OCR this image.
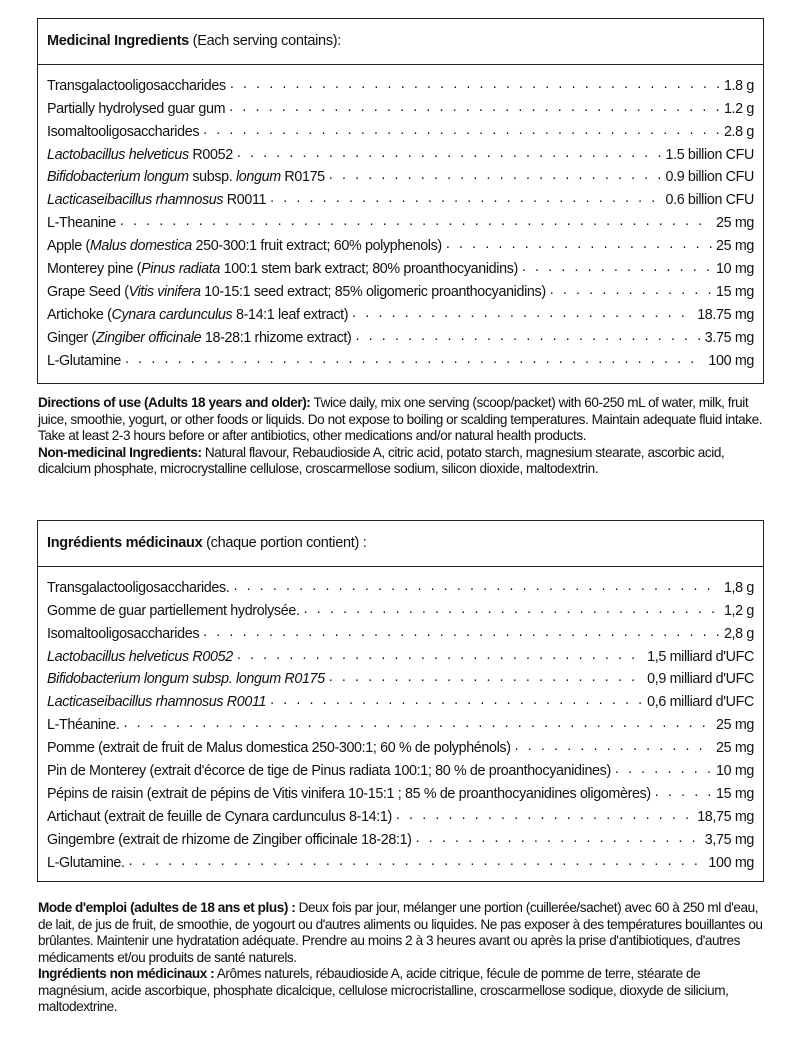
Medicinal Ingredients (Each serving contains):
Transgalactooligosaccharides . . .	1.8 g
Partially hydrolysed guar gum . . .	1.2 g
Isomaltooligosaccharides . . .	2.8 g
Lactobacillus helveticus R0052 . . .	1.5 billion CFU
Bifidobacterium longum subsp. longum R0175 . . .	0.9 billion CFU
Lacticaseibacillus rhamnosus R0011 . . .	0.6 billion CFU
L-Theanine . . .	25 mg
Apple (Malus domestica 250-300:1 fruit extract; 60% polyphenols) . . .	25 mg
Monterey pine (Pinus radiata 100:1 stem bark extract; 80% proanthocyanidins) . . .	10 mg
Grape Seed (Vitis vinifera 10-15:1 seed extract; 85% oligomeric proanthocyanidins) . . .	15 mg
Artichoke (Cynara cardunculus 8-14:1 leaf extract) . . .	18.75 mg
Ginger (Zingiber officinale 18-28:1 rhizome extract) . . .	3.75 mg
L-Glutamine . . .	100 mg

Directions of use (Adults 18 years and older): Twice daily, mix one serving (scoop/packet) with 60-250 mL of water, milk, fruit juice, smoothie, yogurt, or other foods or liquids. Do not expose to boiling or scalding temperatures. Maintain adequate fluid intake. Take at least 2-3 hours before or after antibiotics, other medications and/or natural health products.

Non-medicinal Ingredients: Natural flavour, Rebaudioside A, citric acid, potato starch, magnesium stearate, ascorbic acid, dicalcium phosphate, microcrystalline cellulose, croscarmellose sodium, silicon dioxide, maltodextrin.

Ingrédients médicinaux (chaque portion contient) :
Transgalactooligosaccharides. . . .	1,8 g
Gomme de guar partiellement hydrolysée. . . .	1,2 g
Isomaltooligosaccharides . . .	2,8 g
Lactobacillus helveticus R0052 . . .	1,5 milliard d'UFC
Bifidobacterium longum subsp. longum R0175 . . .	0,9 milliard d'UFC
Lacticaseibacillus rhamnosus R0011 . . .	0,6 milliard d'UFC
L-Théanine. . . .	25 mg
Pomme (extrait de fruit de Malus domestica 250-300:1; 60 % de polyphénols) . . .	25 mg
Pin de Monterey (extrait d'écorce de tige de Pinus radiata 100:1; 80 % de proanthocyanidines) . . .	10 mg
Pépins de raisin (extrait de pépins de Vitis vinifera 10-15:1 ; 85 % de proanthocyanidines oligomères) . . .	15 mg
Artichaut (extrait de feuille de Cynara cardunculus 8-14:1) . . .	18,75 mg
Gingembre (extrait de rhizome de Zingiber officinale 18-28:1) . . .	3,75 mg
L-Glutamine. . . .	100 mg

Mode d'emploi (adultes de 18 ans et plus) : Deux fois par jour, mélanger une portion (cuillerée/sachet) avec 60 à 250 ml d'eau, de lait, de jus de fruit, de smoothie, de yogourt ou d'autres aliments ou liquides. Ne pas exposer à des températures bouillantes ou brûlantes. Maintenir une hydratation adéquate. Prendre au moins 2 à 3 heures avant ou après la prise d'antibiotiques, d'autres médicaments et/ou produits de santé naturels.

Ingrédients non médicinaux : Arômes naturels, rébaudioside A, acide citrique, fécule de pomme de terre, stéarate de magnésium, acide ascorbique, phosphate dicalcique, cellulose microcristalline, croscarmellose sodique, dioxyde de silicium, maltodextrine.
